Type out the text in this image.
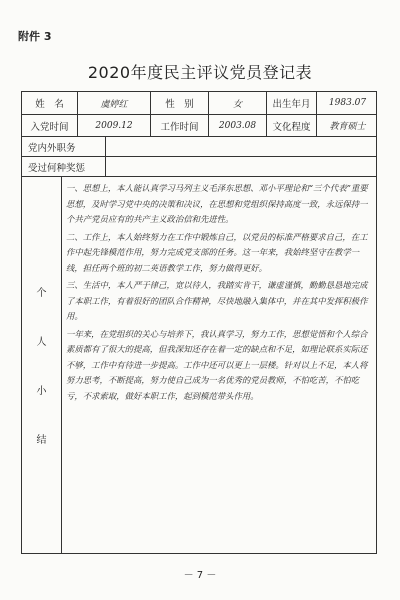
附件 3
2020年度民主评议党员登记表
姓　名	虞婷红	性　别	女	出生年月	1983.07
入党时间	2009.12	工作时间	2003.08	文化程度	教育硕士
党内外职务
受过何种奖惩
个
人
小
结

一、思想上，本人能认真学习马列主义毛泽东思想、邓小平理论和“三个代表”重要思想，及时学习党中央的决策和决议，在思想和党组织保持高度一致，永远保持一个共产党员应有的共产主义政治信和先进性。

二、工作上，本人始终努力在工作中锻炼自己，以党员的标准严格要求自己，在工作中起先锋模范作用，努力完成党支部的任务。这一年来，我始终坚守在教学一线，担任两个班的初二英语教学工作，努力做得更好。

三、生活中，本人严于律己，宽以待人，我踏实肯干，谦虚谨慎，勤勤恳恳地完成了本职工作，有着很好的团队合作精神，尽快地融入集体中，并在其中发挥积极作用。

一年来，在党组织的关心与培养下，我认真学习，努力工作，思想觉悟和个人综合素质都有了很大的提高，但我深知还存在着一定的缺点和不足，如理论联系实际还不够，工作中有待进一步提高。工作中还可以更上一层楼。针对以上不足，本人将努力思考，不断提高，努力使自己成为一名优秀的党员教师，不怕吃苦，不怕吃亏，不求索取，做好本职工作，起到模范带头作用。

－ 7 －
